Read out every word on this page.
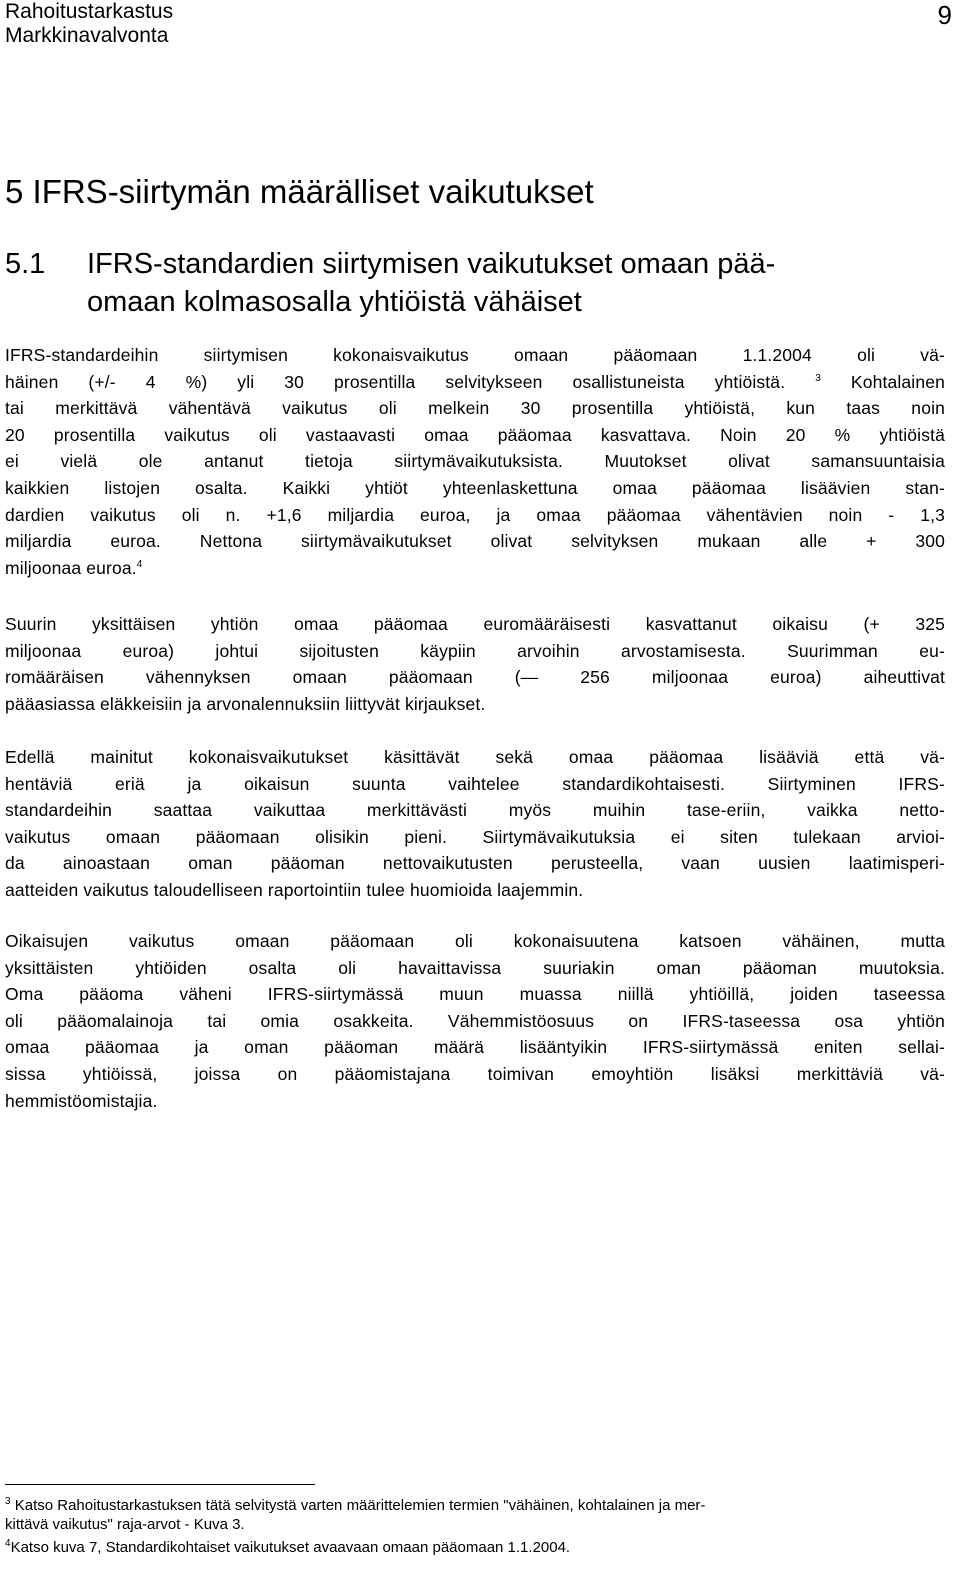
Rahoitustarkastus
Markkinavalvonta
9
5 IFRS-siirtymän määrälliset vaikutukset
5.1 IFRS-standardien siirtymisen vaikutukset omaan pää-
omaan kolmasosalla yhtiöistä vähäiset
IFRS-standardeihin siirtymisen kokonaisvaikutus omaan pääomaan 1.1.2004 oli vä-
häinen (+/- 4 %) yli 30 prosentilla selvitykseen osallistuneista yhtiöistä.	$^3$ Kohtalainen
tai merkittävä vähentävä vaikutus oli melkein 30 prosentilla yhtiöistä, kun taas noin
20 prosentilla vaikutus oli vastaavasti omaa pääomaa kasvattava. Noin 20 % yhtiöistä
ei vielä ole antanut tietoja siirtymävaikutuksista. Muutokset olivat samansuuntaisia
kaikkien listojen osalta. Kaikki yhtiöt yhteenlaskettuna omaa pääomaa lisäävien stan-
dardien vaikutus oli n. +1,6 miljardia euroa, ja omaa pääomaa vähentävien noin - 1,3
miljardia euroa. Nettona siirtymävaikutukset olivat selvityksen mukaan alle + 300
miljoonaa euroa.$^4$
Suurin yksittäisen yhtiön omaa pääomaa euromääräisesti kasvattanut oikaisu (+ 325
miljoonaa euroa) johtui sijoitusten käypiin arvoihin arvostamisesta. Suurimman eu-
romääräisen vähennyksen omaan pääomaan (— 256 miljoonaa euroa) aiheuttivat
pääasiassa eläkkeisiin ja arvonalennuksiin liittyvät kirjaukset.
Edellä mainitut kokonaisvaikutukset käsittävät sekä omaa pääomaa lisääviä että vä-
hentäviä eriä ja oikaisun suunta vaihtelee standardikohtaisesti. Siirtyminen IFRS-
standardeihin saattaa vaikuttaa merkittävästi myös muihin tase-eriin, vaikka netto-
vaikutus omaan pääomaan olisikin pieni. Siirtymävaikutuksia ei siten tulekaan arvioi-
da ainoastaan oman pääoman nettovaikutusten perusteella, vaan uusien laatimisperi-
aatteiden vaikutus taloudelliseen raportointiin tulee huomioida laajemmin.
Oikaisujen vaikutus omaan pääomaan oli kokonaisuutena katsoen vähäinen, mutta
yksittäisten yhtiöiden osalta oli havaittavissa suuriakin oman pääoman muutoksia.
Oma pääoma väheni IFRS-siirtymässä muun muassa niillä yhtiöillä, joiden taseessa
oli pääomalainoja tai omia osakkeita. Vähemmistöosuus on IFRS-taseessa osa yhtiön
omaa pääomaa ja oman pääoman määrä lisääntyikin IFRS-siirtymässä eniten sellai-
sissa yhtiöissä, joissa on pääomistajana toimivan emoyhtiön lisäksi merkittäviä vä-
hemmistöomistajia.
$^3$ Katso Rahoitustarkastuksen tätä selvitystä varten määrittelemien termien "vähäinen, kohtalainen ja mer-
kittävä vaikutus" raja-arvot - Kuva 3.
$^4$Katso kuva 7, Standardikohtaiset vaikutukset avaavaan omaan pääomaan 1.1.2004.
